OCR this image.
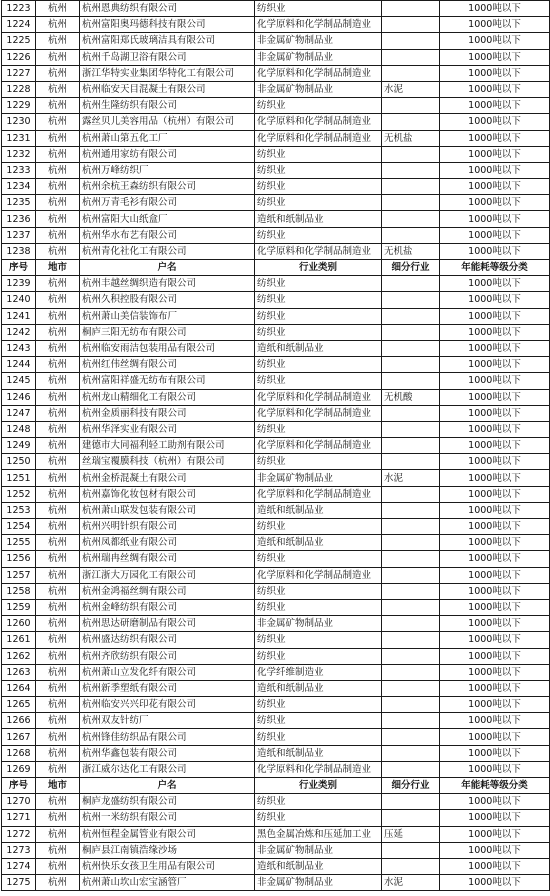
1223	杭州	杭州恩典纺织有限公司	纺织业		1000吨以下
1224	杭州	杭州富阳奥玛德科技有限公司	化学原料和化学制品制造业		1000吨以下
1225	杭州	杭州富阳郑氏玻璃洁具有限公司	非金属矿物制品业		1000吨以下
1226	杭州	杭州千岛湖卫浴有限公司	非金属矿物制品业		1000吨以下
1227	杭州	浙江华特实业集团华特化工有限公司	化学原料和化学制品制造业		1000吨以下
1228	杭州	杭州临安天目混凝土有限公司	非金属矿物制品业	水泥	1000吨以下
1229	杭州	杭州生隆纺织有限公司	纺织业		1000吨以下
1230	杭州	露丝贝儿美容用品（杭州）有限公司	化学原料和化学制品制造业		1000吨以下
1231	杭州	杭州萧山第五化工厂	化学原料和化学制品制造业	无机盐	1000吨以下
1232	杭州	杭州通用家纺有限公司	纺织业		1000吨以下
1233	杭州	杭州万峰纺织厂	纺织业		1000吨以下
1234	杭州	杭州余杭王森纺织有限公司	纺织业		1000吨以下
1235	杭州	杭州万青毛衫有限公司	纺织业		1000吨以下
1236	杭州	杭州富阳大山纸盒厂	造纸和纸制品业		1000吨以下
1237	杭州	杭州华水布艺有限公司	纺织业		1000吨以下
1238	杭州	杭州青化社化工有限公司	化学原料和化学制品制造业	无机盐	1000吨以下
序号	地市	户名	行业类别	细分行业	年能耗等级分类
1239	杭州	杭州丰越丝绸织造有限公司	纺织业		1000吨以下
1240	杭州	杭州久积控股有限公司	纺织业		1000吨以下
1241	杭州	杭州萧山美信装饰布厂	纺织业		1000吨以下
1242	杭州	桐庐三阳无纺布有限公司	纺织业		1000吨以下
1243	杭州	杭州临安雨洁包装用品有限公司	造纸和纸制品业		1000吨以下
1244	杭州	杭州红伟丝绸有限公司	纺织业		1000吨以下
1245	杭州	杭州富阳祥盛无纺布有限公司	纺织业		1000吨以下
1246	杭州	杭州龙山精细化工有限公司	化学原料和化学制品制造业	无机酸	1000吨以下
1247	杭州	杭州金质丽科技有限公司	化学原料和化学制品制造业		1000吨以下
1248	杭州	杭州华泽实业有限公司	纺织业		1000吨以下
1249	杭州	建德市大同福利轻工助剂有限公司	化学原料和化学制品制造业		1000吨以下
1250	杭州	丝瑞宝覆膜科技（杭州）有限公司	纺织业		1000吨以下
1251	杭州	杭州金桥混凝土有限公司	非金属矿物制品业	水泥	1000吨以下
1252	杭州	杭州嘉饰化妆包材有限公司	化学原料和化学制品制造业		1000吨以下
1253	杭州	杭州萧山联发包装有限公司	造纸和纸制品业		1000吨以下
1254	杭州	杭州兴明针织有限公司	纺织业		1000吨以下
1255	杭州	杭州凤都纸业有限公司	造纸和纸制品业		1000吨以下
1256	杭州	杭州瑞冉丝绸有限公司	纺织业		1000吨以下
1257	杭州	浙江浙大万园化工有限公司	化学原料和化学制品制造业		1000吨以下
1258	杭州	杭州金鸿福丝绸有限公司	纺织业		1000吨以下
1259	杭州	杭州金峰纺织有限公司	纺织业		1000吨以下
1260	杭州	杭州思达研磨制品有限公司	非金属矿物制品业		1000吨以下
1261	杭州	杭州盛达纺织有限公司	纺织业		1000吨以下
1262	杭州	杭州齐欣纺织有限公司	纺织业		1000吨以下
1263	杭州	杭州萧山立发化纤有限公司	化学纤维制造业		1000吨以下
1264	杭州	杭州新季塑纸有限公司	造纸和纸制品业		1000吨以下
1265	杭州	杭州临安兴兴印花有限公司	纺织业		1000吨以下
1266	杭州	杭州双友针纺厂	纺织业		1000吨以下
1267	杭州	杭州锋佳纺织品有限公司	纺织业		1000吨以下
1268	杭州	杭州华鑫包装有限公司	造纸和纸制品业		1000吨以下
1269	杭州	浙江威尔达化工有限公司	化学原料和化学制品制造业		1000吨以下
序号	地市	户名	行业类别	细分行业	年能耗等级分类
1270	杭州	桐庐龙盛纺织有限公司	纺织业		1000吨以下
1271	杭州	杭州一米纺织有限公司	纺织业		1000吨以下
1272	杭州	杭州恒程金属管业有限公司	黑色金属冶炼和压延加工业	压延	1000吨以下
1273	杭州	桐庐县江南镇浩缘沙场	非金属矿物制品业		1000吨以下
1274	杭州	杭州快乐女孩卫生用品有限公司	造纸和纸制品业		1000吨以下
1275	杭州	杭州萧山坎山宏宝涵管厂	非金属矿物制品业	水泥	1000吨以下
